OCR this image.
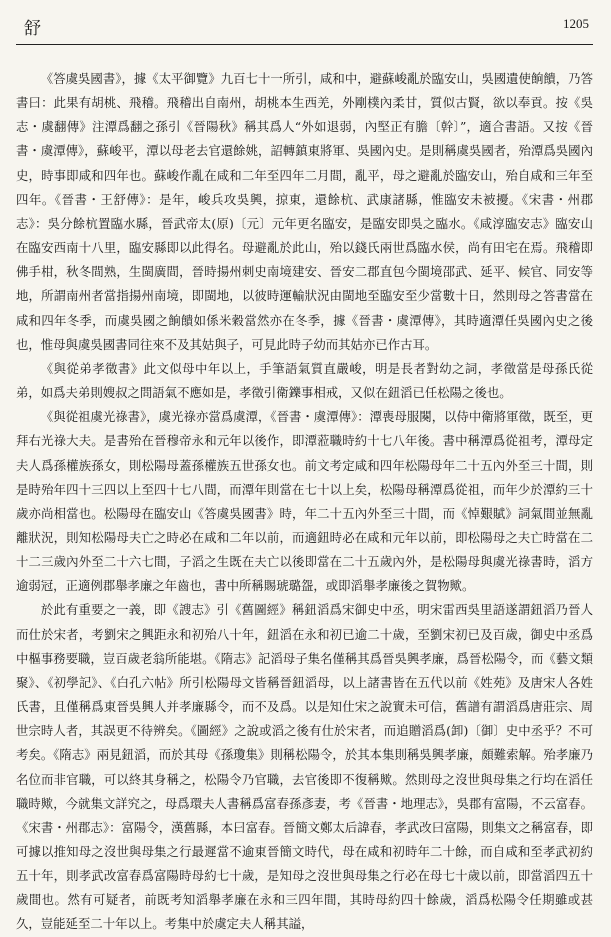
舒	1205

《答虞吳國書》，據《太平御覽》九百七十一所引，咸和中，避蘇峻亂於臨安山，吳國遺使餉饋，乃答書曰：此果有胡桃、飛稽。飛稽出自南州，胡桃本生西羌，外剛樸內柔甘，質似古賢，欲以奉貢。按《吳志・虞翻傳》注潭爲翻之孫引《晉陽秋》稱其爲人“外如退弱，內堅正有膽〔幹〕”，適合書語。又按《晉書・虞潭傳》，蘇峻平，潭以母老去官還餘姚，詔轉鎮東將軍、吳國內史。是則稱虞吳國者，殆潭爲吳國內史，時事即咸和四年也。蘇峻作亂在咸和二年至四年二月間，亂平，母之避亂於臨安山，殆自咸和三年至四年。《晉書・王舒傳》：是年，峻兵攻吳興，掠東，還餘杭、武康諸縣，惟臨安未被擾。《宋書・州郡志》：吳分餘杭置臨水縣，晉武帝太(原)〔元〕元年更名臨安，是臨安即吳之臨水。《咸淳臨安志》臨安山在臨安西南十八里，臨安縣即以此得名。母避亂於此山，殆以錢氏兩世爲臨水侯，尚有田宅在焉。飛稽即佛手柑，秋冬間熟，生閩廣間，晉時揚州刺史南境建安、晉安二郡直包今閩境邵武、延平、候官、同安等地，所謂南州者當指揚州南境，即閩地，以彼時運輸狀況由閩地至臨安至少當數十日，然則母之答書當在咸和四年冬季，而虞吳國之餉饋如係米穀當然亦在冬季，據《晉書・虞潭傳》，其時適潭任吳國內史之後也，惟母與虞吳國書同往來不及其姑與子，可見此時子幼而其姑亦已作古耳。

《與從弟孝徵書》此文似母中年以上，手筆語氣質直嚴峻，明是長者對幼之詞，孝徵當是母孫氏從弟，如爲夫弟則嫂叔之問語氣不應如是，孝徵引衛鑠事相戒，又似在鈕滔已任松陽之後也。

《與從祖虞光祿書》，虞光祿亦當爲虞潭，《晉書・虞潭傳》：潭喪母服闋，以侍中衛將軍徵，既至，更拜右光祿大夫。是書殆在晉穆帝永和元年以後作，即潭蒞職時約十七八年後。書中稱潭爲從祖考，潭母定夫人爲孫權族孫女，則松陽母蓋孫權族五世孫女也。前文考定咸和四年松陽母年二十五內外至三十間，則是時殆年四十三四以上至四十七八間，而潭年則當在七十以上矣，松陽母稱潭爲從祖，而年少於潭約三十歲亦尚相當也。松陽母在臨安山《答虞吳國書》時，年二十五內外至三十間，而《悼艱賦》詞氣間並無亂離狀況，則知松陽母夫亡之時必在咸和二年以前，而適鈕時必在咸和元年以前，即松陽母之夫亡時當在二十二三歲內外至二十六七間，子滔之生既在夫亡以後即當在二十五歲內外，是松陽母與虞光祿書時，滔方逾弱冠，正適例郡舉孝廉之年齒也，書中所稱賜琥璐盌，或即滔舉孝廉後之賀物歟。

於此有重要之一義，即《謏志》引《舊圖經》稱鈕滔爲宋御史中丞，明宋雷西吳里語遂謂鈕滔乃晉人而仕於宋者，考劉宋之興距永和初殆八十年，鈕滔在永和初已逾二十歲，至劉宋初已及百歲，御史中丞爲中樞事務要職，豈百歲老翁所能堪。《隋志》記滔母子集名僅稱其爲晉吳興孝廉，爲晉松陽令，而《藝文類聚》、《初學記》、《白孔六帖》所引松陽母文皆稱晉鈕滔母，以上諸書皆在五代以前《姓苑》及唐宋人各姓氏書，且僅稱爲東晉吳興人并孝廉縣令，而不及爲。以是知仕宋之說實未可信，舊譜有謂滔爲唐莊宗、周世宗時人者，其誤更不待辨矣。《圖經》之說或滔之後有仕於宋者，而追贈滔爲(卸)〔御〕史中丞乎？不可考矣。《隋志》兩見鈕滔，而於其母《孫瓊集》則稱松陽令，於其本集則稱吳興孝廉，頗難索解。殆孝廉乃名位而非官職，可以終其身稱之，松陽令乃官職，去官後即不復稱歟。然則母之沒世與母集之行均在滔任職時歟，今就集文詳究之，母爲環夫人書稱爲富春孫彥妻，考《晉書・地理志》，吳郡有富陽，不云富春。《宋書・州郡志》：富陽令，漢舊縣，本曰富春。晉簡文鄭太后諱春，孝武改曰富陽，則集文之稱富春，即可據以推知母之沒世與母集之行最遲當不逾東晉簡文時代，母在咸和初時年二十餘，而自咸和至孝武初約五十年，則孝武改富春爲富陽時母約七十歲，是知母之沒世與母集之行必在母七十歲以前，即當滔四五十歲間也。然有可疑者，前既考知滔舉孝廉在永和三四年間，其時母約四十餘歲，滔爲松陽令任期雖或甚久，豈能延至二十年以上。考集中於虞定夫人稱其謚，
